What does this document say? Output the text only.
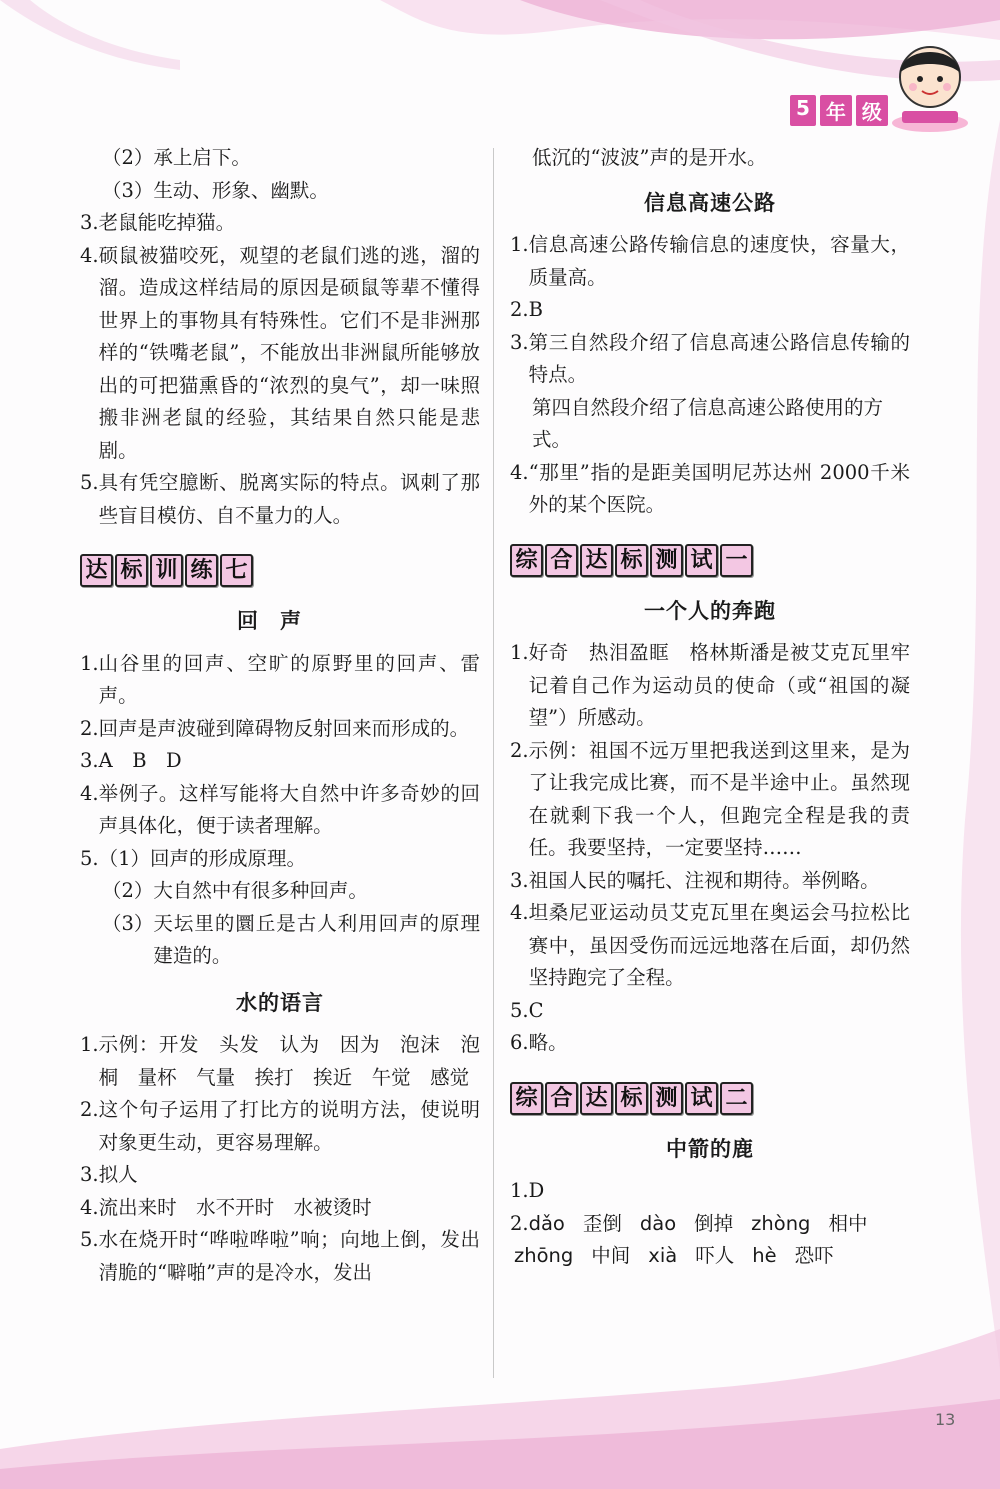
5 年 级
（2） 承上启下。
（3） 生动、形象、幽默。
3. 老鼠能吃掉猫。
4. 硕鼠被猫咬死，观望的老鼠们逃的逃，溜的溜。造成这样结局的原因是硕鼠等辈不懂得世界上的事物具有特殊性。它们不是非洲那样的“铁嘴老鼠”，不能放出非洲鼠所能够放出的可把猫熏昏的“浓烈的臭气”，却一味照搬非洲老鼠的经验，其结果自然只能是悲剧。
5. 具有凭空臆断、脱离实际的特点。讽刺了那些盲目模仿、自不量力的人。
达 标 训 练 七
回声
1. 山谷里的回声、空旷的原野里的回声、雷声。
2. 回声是声波碰到障碍物反射回来而形成的。
3. A　B　D
4. 举例子。这样写能将大自然中许多奇妙的回声具体化，便于读者理解。
5. （1）回声的形成原理。
（2） 大自然中有很多种回声。
（3） 天坛里的圜丘是古人利用回声的原理建造的。
水的语言
1. 示例：开发　头发　认为　因为　泡沫　泡桐　量杯　气量　挨打　挨近　午觉　感觉
2. 这个句子运用了打比方的说明方法，使说明对象更生动，更容易理解。
3. 拟人
4. 流出来时　水不开时　水被烫时
5. 水在烧开时“哗啦哗啦”响；向地上倒，发出清脆的“噼啪”声的是冷水，发出
低沉的“波波”声的是开水。
信息高速公路
1. 信息高速公路传输信息的速度快，容量大，质量高。
2. B
3. 第三自然段介绍了信息高速公路信息传输的特点。
第四自然段介绍了信息高速公路使用的方式。
4. “那里”指的是距美国明尼苏达州 2000千米外的某个医院。
综 合 达 标 测 试 一
一个人的奔跑
1. 好奇　热泪盈眶　格林斯潘是被艾克瓦里牢记着自己作为运动员的使命（或“祖国的凝望”）所感动。
2. 示例：祖国不远万里把我送到这里来，是为了让我完成比赛，而不是半途中止。虽然现在就剩下我一个人，但跑完全程是我的责任。我要坚持，一定要坚持……
3. 祖国人民的嘱托、注视和期待。举例略。
4. 坦桑尼亚运动员艾克瓦里在奥运会马拉松比赛中，虽因受伤而远远地落在后面，却仍然坚持跑完了全程。
5. C
6. 略。
综 合 达 标 测 试 二
中箭的鹿
1. D
2. dǎo 歪倒 dào 倒掉 zhòng 相中
zhōng 中间 xià 吓人 hè 恐吓
13
